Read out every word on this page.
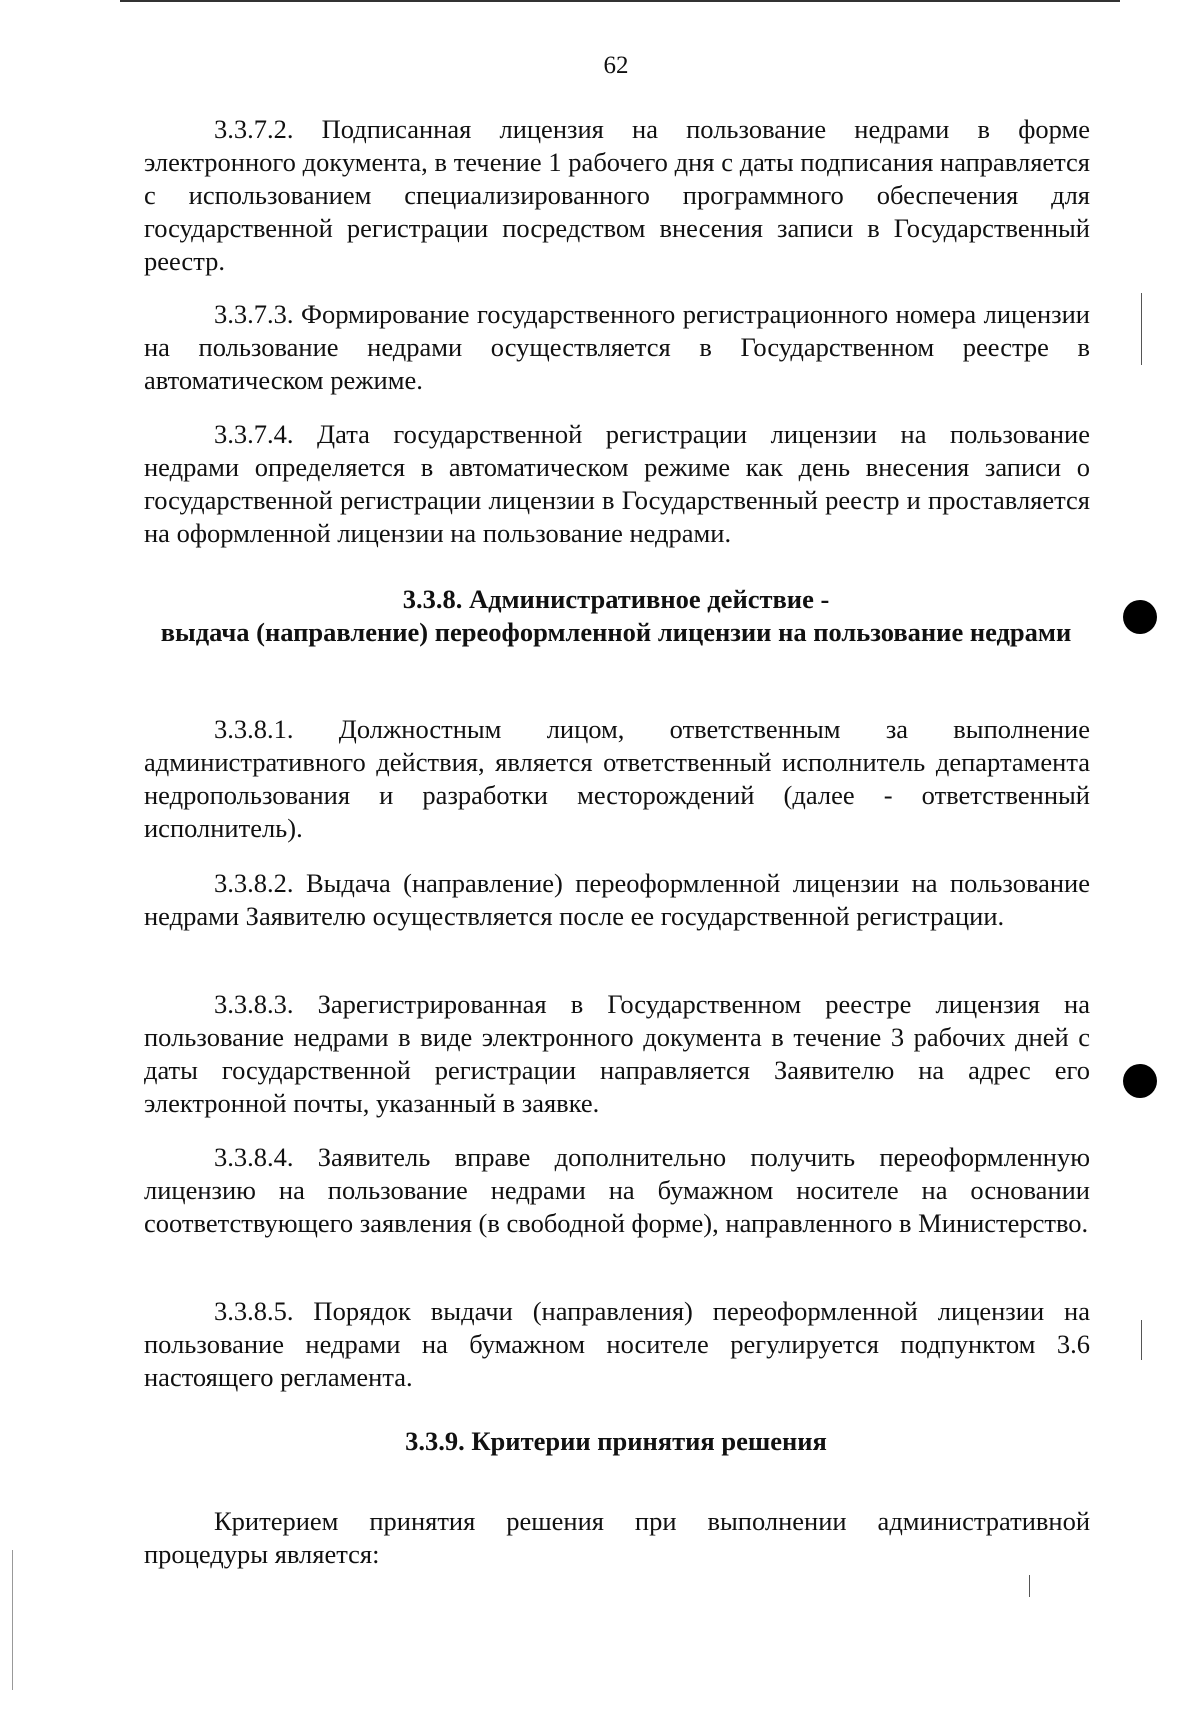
62

3.3.7.2. Подписанная лицензия на пользование недрами в форме электронного документа, в течение 1 рабочего дня с даты подписания направляется с использованием специализированного программного обеспечения для государственной регистрации посредством внесения записи в Государственный реестр.

3.3.7.3. Формирование государственного регистрационного номера лицензии на пользование недрами осуществляется в Государственном реестре в автоматическом режиме.

3.3.7.4. Дата государственной регистрации лицензии на пользование недрами определяется в автоматическом режиме как день внесения записи о государственной регистрации лицензии в Государственный реестр и проставляется на оформленной лицензии на пользование недрами.

3.3.8. Административное действие -
выдача (направление) переоформленной лицензии на пользование недрами

3.3.8.1. Должностным лицом, ответственным за выполнение административного действия, является ответственный исполнитель департамента недропользования и разработки месторождений (далее - ответственный исполнитель).

3.3.8.2. Выдача (направление) переоформленной лицензии на пользование недрами Заявителю осуществляется после ее государственной регистрации.

3.3.8.3. Зарегистрированная в Государственном реестре лицензия на пользование недрами в виде электронного документа в течение 3 рабочих дней с даты государственной регистрации направляется Заявителю на адрес его электронной почты, указанный в заявке.

3.3.8.4. Заявитель вправе дополнительно получить переоформленную лицензию на пользование недрами на бумажном носителе на основании соответствующего заявления (в свободной форме), направленного в Министерство.

3.3.8.5. Порядок выдачи (направления) переоформленной лицензии на пользование недрами на бумажном носителе регулируется подпунктом 3.6 настоящего регламента.

3.3.9. Критерии принятия решения

Критерием принятия решения при выполнении административной процедуры является:
